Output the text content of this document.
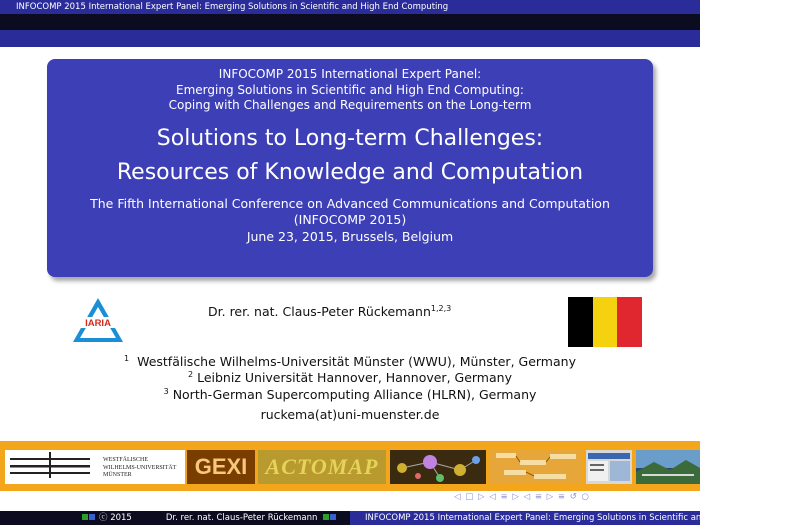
INFOCOMP 2015 International Expert Panel: Emerging Solutions in Scientific and High End Computing
INFOCOMP 2015 International Expert Panel:
Emerging Solutions in Scientific and High End Computing:
Coping with Challenges and Requirements on the Long-term
Solutions to Long-term Challenges:
Resources of Knowledge and Computation
The Fifth International Conference on Advanced Communications and Computation
(INFOCOMP 2015)
June 23, 2015, Brussels, Belgium
IARIA
Dr. rer. nat. Claus-Peter Rückemann$^{1,2,3}$
$^1$ Westfälische Wilhelms-Universität Münster (WWU), Münster, Germany
$^2$ Leibniz Universität Hannover, Hannover, Germany
$^3$ North-German Supercomputing Alliance (HLRN), Germany
ruckema(at)uni-muenster.de
WESTFÄLISCHE
WILHELMS-UNIVERSITÄT
MÜNSTER	GEXI ACTOMAP
◁ □ ▷ ◁ ≡ ▷ ◁ ≡ ▷ ≡ ↺ ○
ⓒ 2015	Dr. rer. nat. Claus-Peter Rückemann	INFOCOMP 2015 International Expert Panel: Emerging Solutions in Scientific and High End Computing
